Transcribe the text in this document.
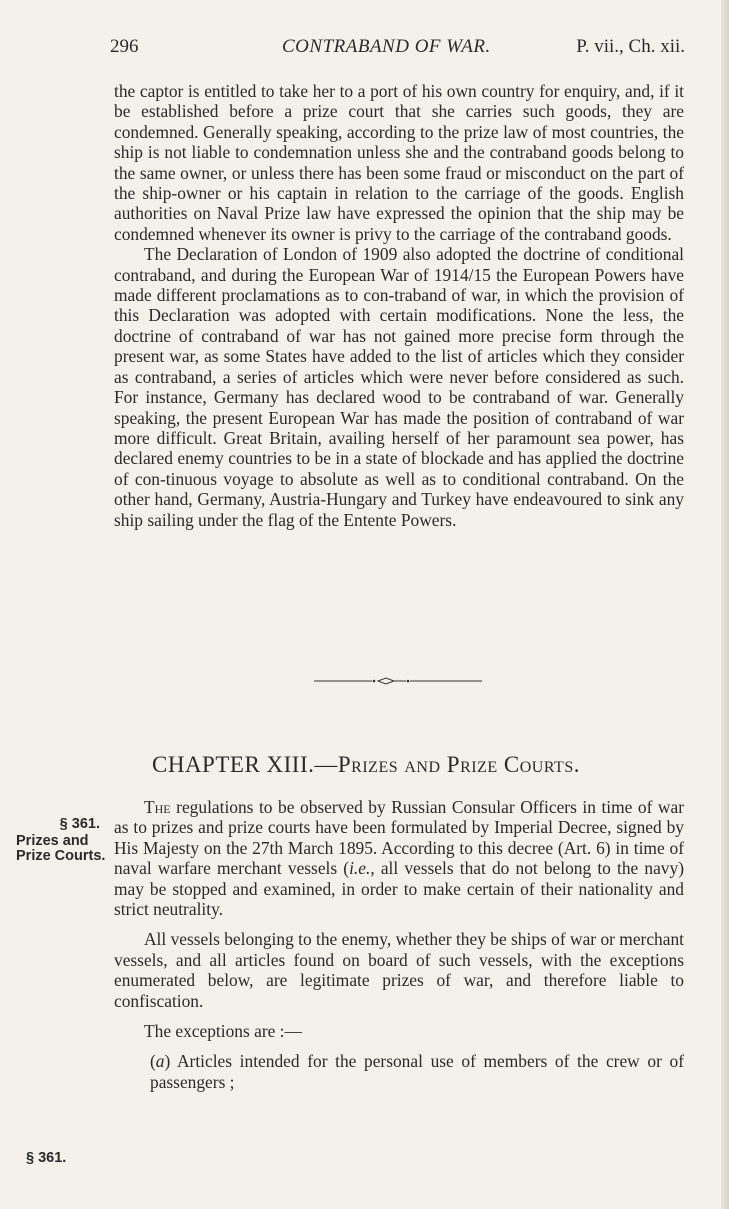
296	CONTRABAND OF WAR.	P. vii., Ch. xii.

the captor is entitled to take her to a port of his own country for enquiry, and, if it be established before a prize court that she carries such goods, they are condemned. Generally speaking, according to the prize law of most countries, the ship is not liable to condemnation unless she and the contraband goods belong to the same owner, or unless there has been some fraud or misconduct on the part of the ship-owner or his captain in relation to the carriage of the goods. English authorities on Naval Prize law have expressed the opinion that the ship may be condemned whenever its owner is privy to the carriage of the contraband goods.

The Declaration of London of 1909 also adopted the doctrine of conditional contraband, and during the European War of 1914/15 the European Powers have made different proclamations as to con-traband of war, in which the provision of this Declaration was adopted with certain modifications. None the less, the doctrine of contraband of war has not gained more precise form through the present war, as some States have added to the list of articles which they consider as contraband, a series of articles which were never before considered as such. For instance, Germany has declared wood to be contraband of war. Generally speaking, the present European War has made the position of contraband of war more difficult. Great Britain, availing herself of her paramount sea power, has declared enemy countries to be in a state of blockade and has applied the doctrine of con-tinuous voyage to absolute as well as to conditional contraband. On the other hand, Germany, Austria-Hungary and Turkey have endeavoured to sink any ship sailing under the flag of the Entente Powers.

CHAPTER XIII.—Prizes and Prize Courts.
§ 361.
Prizes and Prize Courts.

The regulations to be observed by Russian Consular Officers in time of war as to prizes and prize courts have been formulated by Imperial Decree, signed by His Majesty on the 27th March 1895. According to this decree (Art. 6) in time of naval warfare merchant vessels (i.e., all vessels that do not belong to the navy) may be stopped and examined, in order to make certain of their nationality and strict neutrality.

All vessels belonging to the enemy, whether they be ships of war or merchant vessels, and all articles found on board of such vessels, with the exceptions enumerated below, are legitimate prizes of war, and therefore liable to confiscation.

The exceptions are :—

(a) Articles intended for the personal use of members of the crew or of passengers ;

§ 361.
